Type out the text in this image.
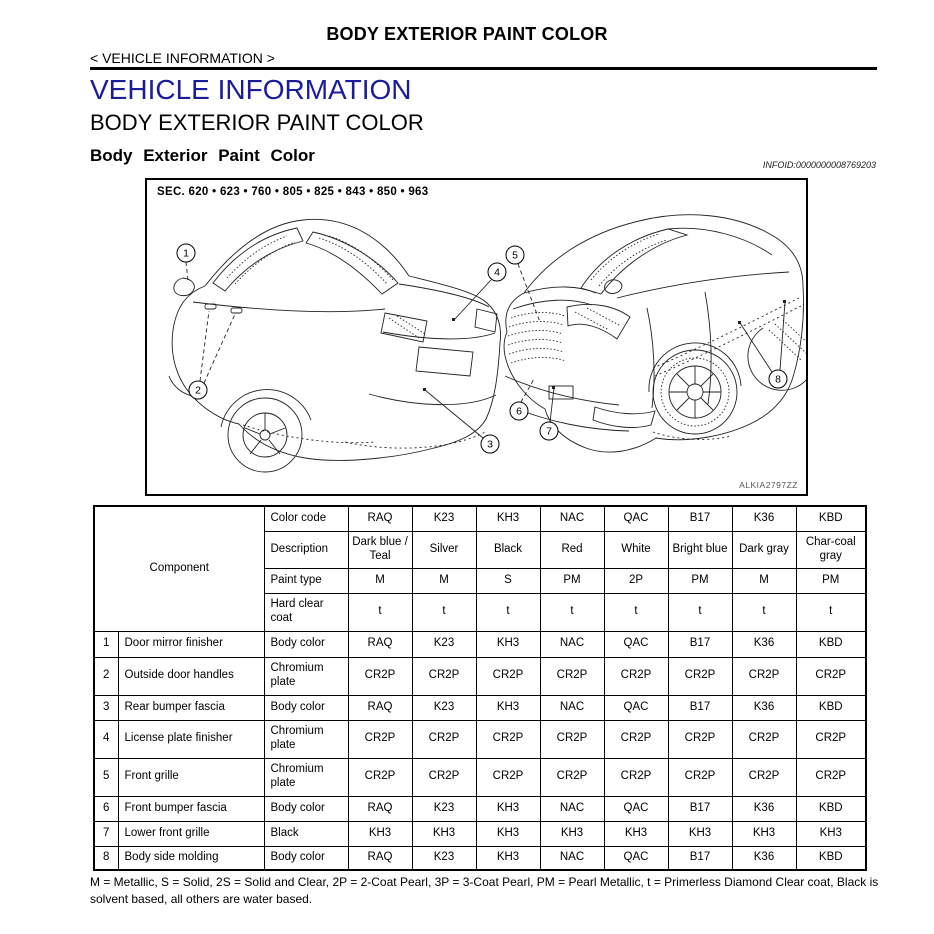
BODY EXTERIOR PAINT COLOR
< VEHICLE INFORMATION >
VEHICLE INFORMATION
BODY EXTERIOR PAINT COLOR
Body Exterior Paint Color	INFOID:0000000008769203
SEC. 620 • 623 • 760 • 805 • 825 • 843 • 850 • 963
1
2
3
4
5
6
7
8
ALKIA2797ZZ
Component		Color code	RAQ	K23	KH3	NAC	QAC	B17	K36	KBD
		Description	Dark blue / Teal	Silver	Black	Red	White	Bright blue	Dark gray	Char-coal gray
		Paint type	M	M	S	PM	2P	PM	M	PM
		Hard clear coat	t	t	t	t	t	t	t	t
1	Door mirror finisher	Body color	RAQ	K23	KH3	NAC	QAC	B17	K36	KBD
2	Outside door handles	Chromium plate	CR2P	CR2P	CR2P	CR2P	CR2P	CR2P	CR2P	CR2P
3	Rear bumper fascia	Body color	RAQ	K23	KH3	NAC	QAC	B17	K36	KBD
4	License plate finisher	Chromium plate	CR2P	CR2P	CR2P	CR2P	CR2P	CR2P	CR2P	CR2P
5	Front grille	Chromium plate	CR2P	CR2P	CR2P	CR2P	CR2P	CR2P	CR2P	CR2P
6	Front bumper fascia	Body color	RAQ	K23	KH3	NAC	QAC	B17	K36	KBD
7	Lower front grille	Black	KH3	KH3	KH3	KH3	KH3	KH3	KH3	KH3
8	Body side molding	Body color	RAQ	K23	KH3	NAC	QAC	B17	K36	KBD
M = Metallic, S = Solid, 2S = Solid and Clear, 2P = 2-Coat Pearl, 3P = 3-Coat Pearl, PM = Pearl Metallic, t = Primerless Diamond Clear coat, Black is solvent based, all others are water based.
